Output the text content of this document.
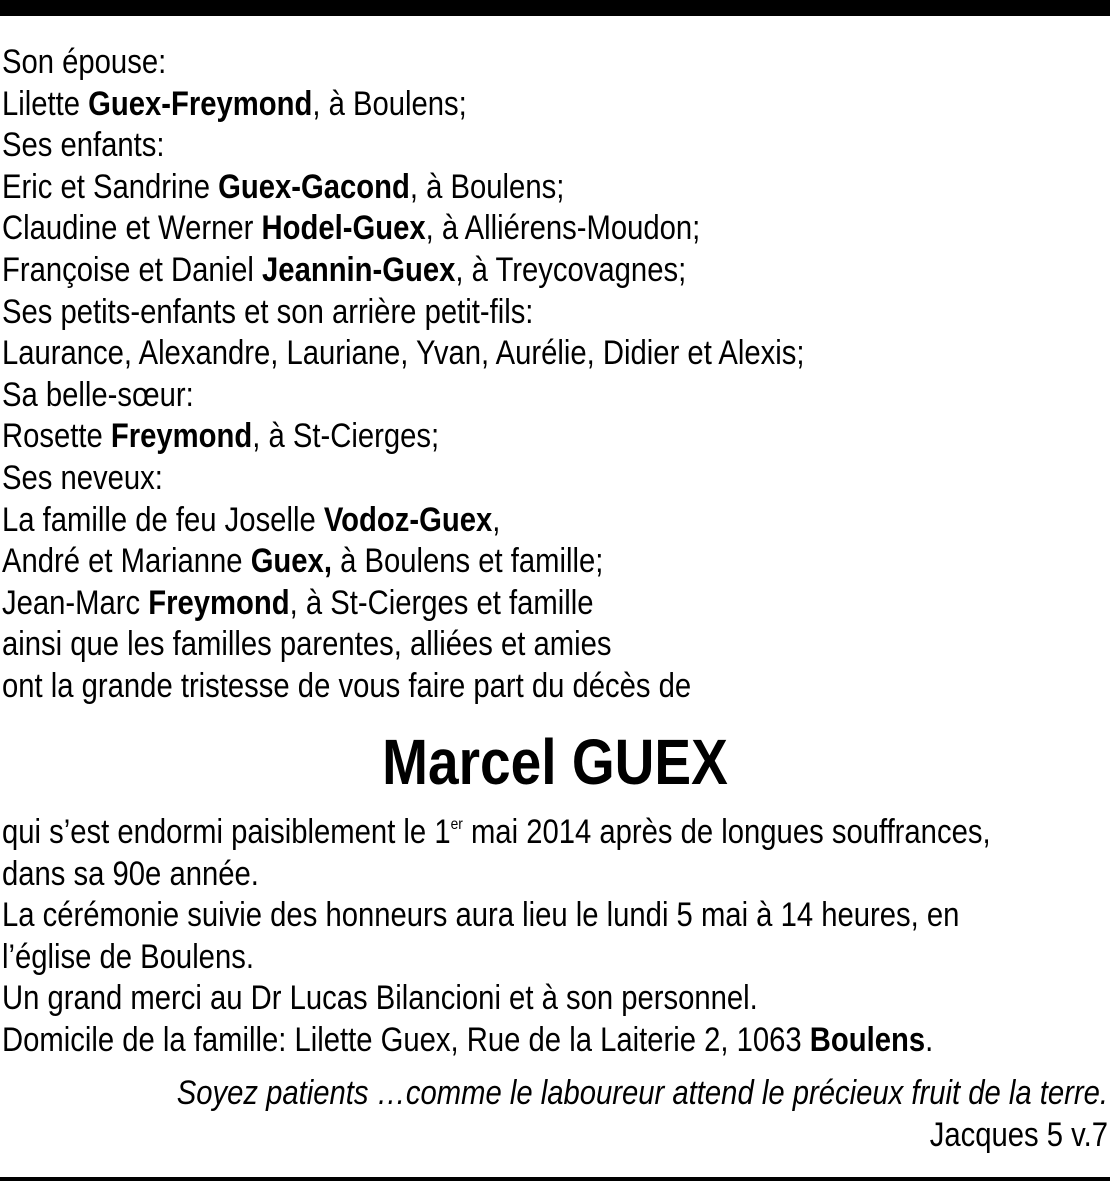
Son épouse:
Lilette Guex-Freymond, à Boulens;
Ses enfants:
Eric et Sandrine Guex-Gacond, à Boulens;
Claudine et Werner Hodel-Guex, à Alliérens-Moudon;
Françoise et Daniel Jeannin-Guex, à Treycovagnes;
Ses petits-enfants et son arrière petit-fils:
Laurance, Alexandre, Lauriane, Yvan, Aurélie, Didier et Alexis;
Sa belle-sœur:
Rosette Freymond, à St-Cierges;
Ses neveux:
La famille de feu Joselle Vodoz-Guex,
André et Marianne Guex, à Boulens et famille;
Jean-Marc Freymond, à St-Cierges et famille
ainsi que les familles parentes, alliées et amies
ont la grande tristesse de vous faire part du décès de
Marcel GUEX
qui s’est endormi paisiblement le 1er mai 2014 après de longues souffrances,
dans sa 90e année.
La cérémonie suivie des honneurs aura lieu le lundi 5 mai à 14 heures, en
l’église de Boulens.
Un grand merci au Dr Lucas Bilancioni et à son personnel.
Domicile de la famille: Lilette Guex, Rue de la Laiterie 2, 1063 Boulens.
Soyez patients …comme le laboureur attend le précieux fruit de la terre.
Jacques 5 v.7
